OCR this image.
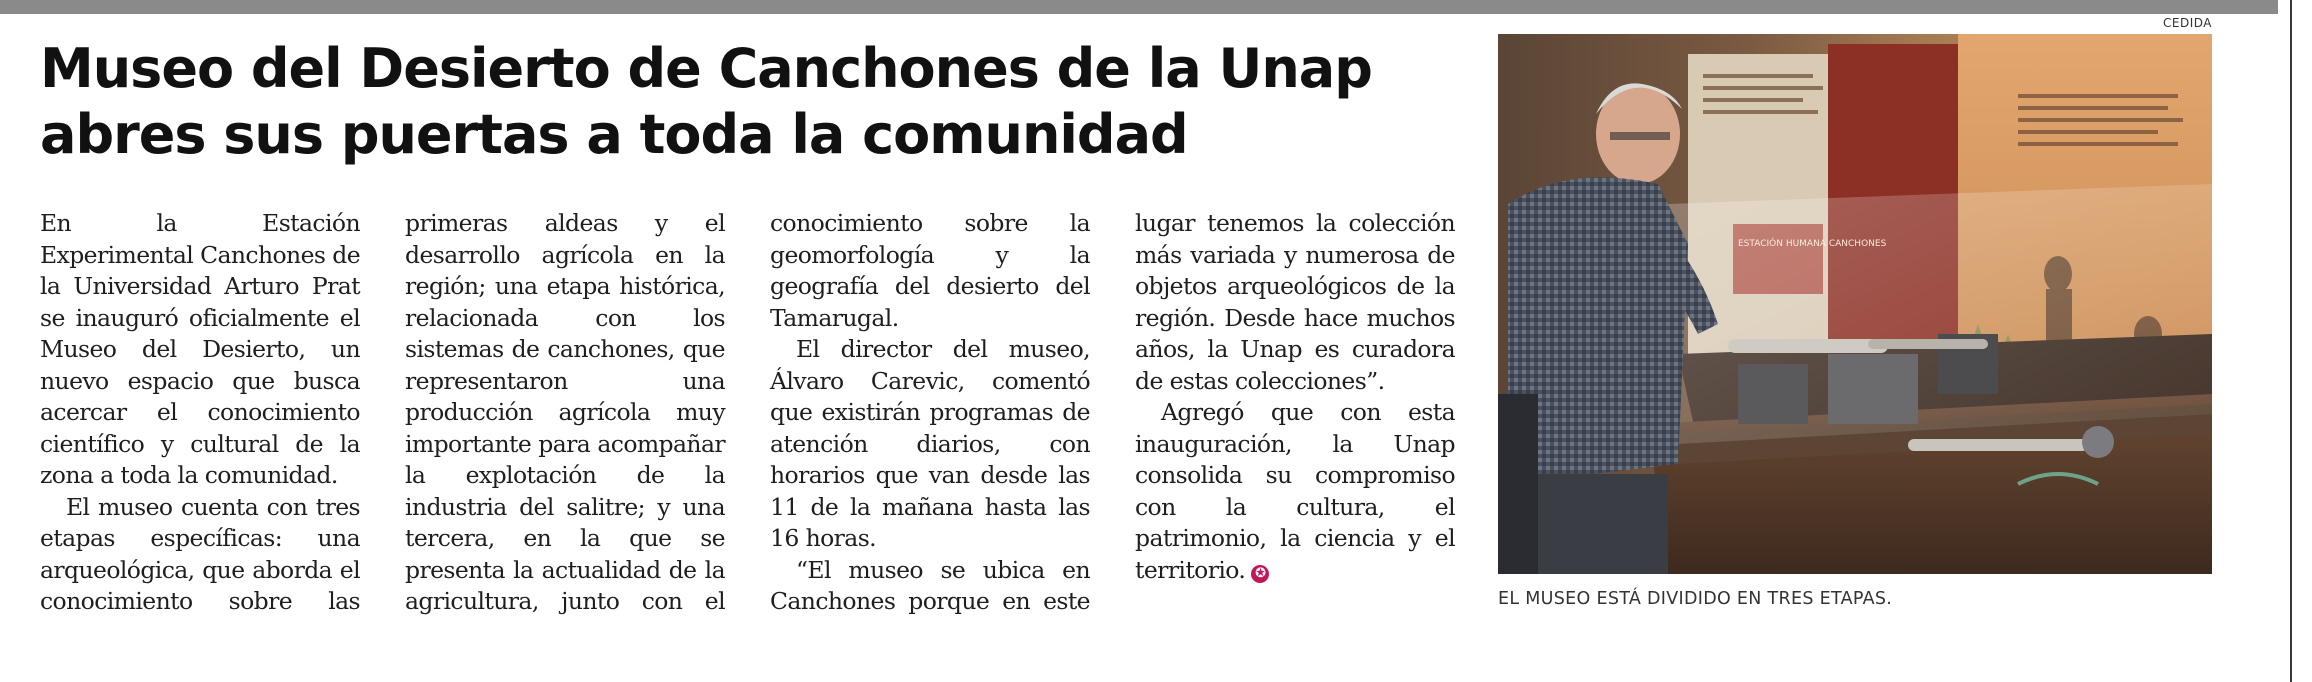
Museo del Desierto de Canchones de la Unap
abres sus puertas a toda la comunidad

En la Estación Experimental Canchones de la Universidad Arturo Prat se inauguró oficialmente el Museo del Desierto, un nuevo espacio que busca acercar el conocimiento científico y cultural de la zona a toda la comunidad.

El museo cuenta con tres etapas específicas: una arqueológica, que aborda el conocimiento sobre las primeras aldeas y el desarrollo agrícola en la región; una etapa histórica, relacionada con los sistemas de canchones, que representaron una producción agrícola muy importante para acompañar la explotación de la industria del salitre; y una tercera, en la que se presenta la actualidad de la agricultura, junto con el conocimiento sobre la geomorfología y la geografía del desierto del Tamarugal.

El director del museo, Álvaro Carevic, comentó que existirán programas de atención diarios, con horarios que van desde las 11 de la mañana hasta las 16 horas.

“El museo se ubica en Canchones porque en este lugar tenemos la colección más variada y numerosa de objetos arqueológicos de la región. Desde hace muchos años, la Unap es curadora de estas colecciones”.

Agregó que con esta inauguración, la Unap consolida su compromiso con la cultura, el patrimonio, la ciencia y el territorio. ✪

CEDIDA
EL MUSEO ESTÁ DIVIDIDO EN TRES ETAPAS.
